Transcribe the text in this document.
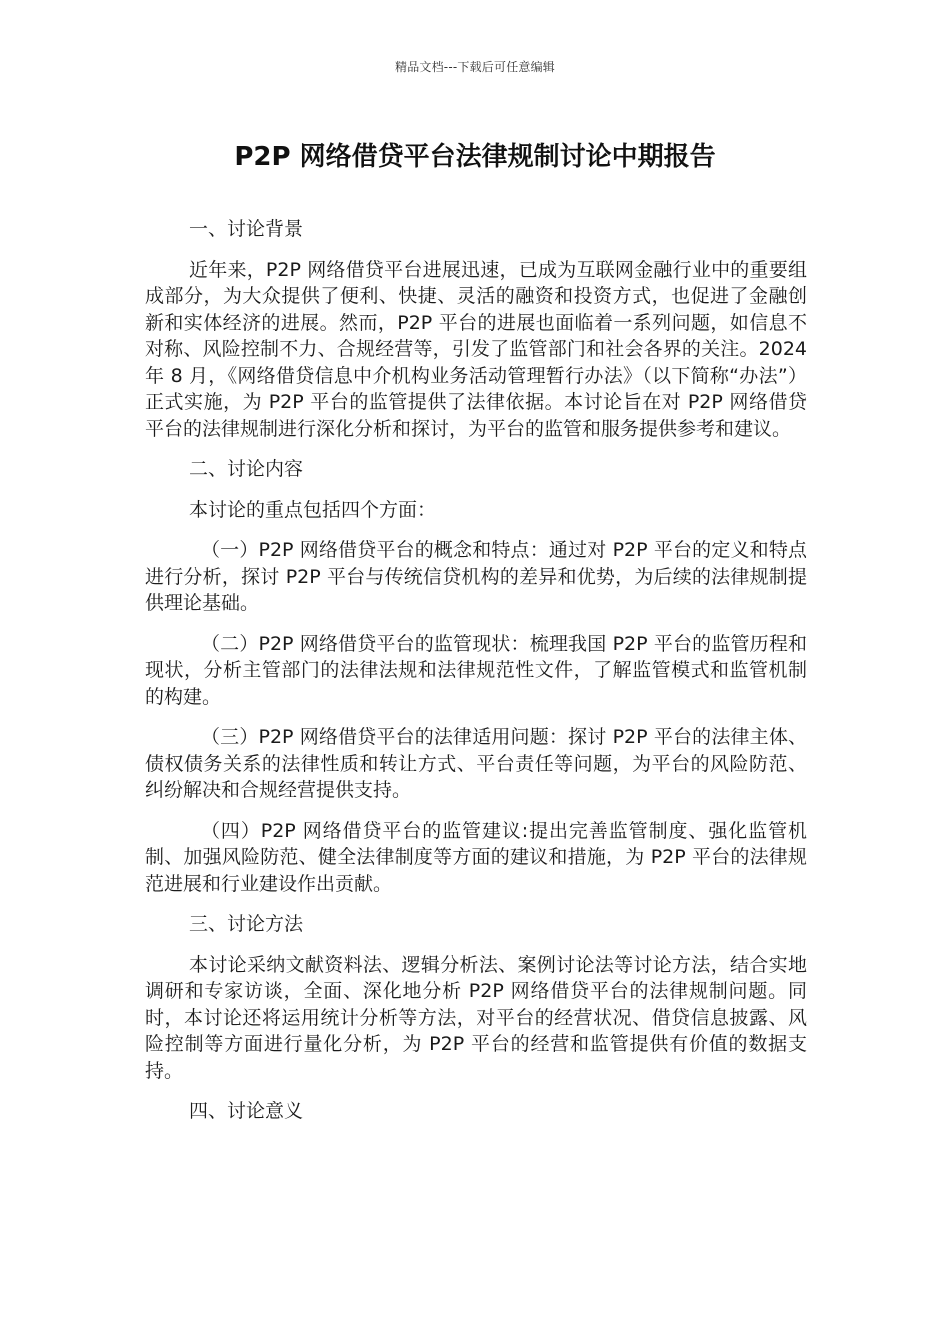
精品文档---下载后可任意编辑
P2P 网络借贷平台法律规制讨论中期报告

一、讨论背景

近年来，P2P 网络借贷平台进展迅速，已成为互联网金融行业中的重要组成部分，为大众提供了便利、快捷、灵活的融资和投资方式，也促进了金融创新和实体经济的进展。然而，P2P 平台的进展也面临着一系列问题，如信息不对称、风险控制不力、合规经营等，引发了监管部门和社会各界的关注。2024 年 8 月，《网络借贷信息中介机构业务活动管理暂行办法》（以下简称“办法”）正式实施，为 P2P 平台的监管提供了法律依据。本讨论旨在对 P2P 网络借贷平台的法律规制进行深化分析和探讨，为平台的监管和服务提供参考和建议。

二、讨论内容

本讨论的重点包括四个方面：

（一）P2P 网络借贷平台的概念和特点：通过对 P2P 平台的定义和特点进行分析，探讨 P2P 平台与传统信贷机构的差异和优势，为后续的法律规制提供理论基础。

（二）P2P 网络借贷平台的监管现状：梳理我国 P2P 平台的监管历程和现状，分析主管部门的法律法规和法律规范性文件，了解监管模式和监管机制的构建。

（三）P2P 网络借贷平台的法律适用问题：探讨 P2P 平台的法律主体、债权债务关系的法律性质和转让方式、平台责任等问题，为平台的风险防范、纠纷解决和合规经营提供支持。

（四）P2P 网络借贷平台的监管建议:提出完善监管制度、强化监管机制、加强风险防范、健全法律制度等方面的建议和措施，为 P2P 平台的法律规范进展和行业建设作出贡献。

三、讨论方法

本讨论采纳文献资料法、逻辑分析法、案例讨论法等讨论方法，结合实地调研和专家访谈，全面、深化地分析 P2P 网络借贷平台的法律规制问题。同时，本讨论还将运用统计分析等方法，对平台的经营状况、借贷信息披露、风险控制等方面进行量化分析，为 P2P 平台的经营和监管提供有价值的数据支持。

四、讨论意义
